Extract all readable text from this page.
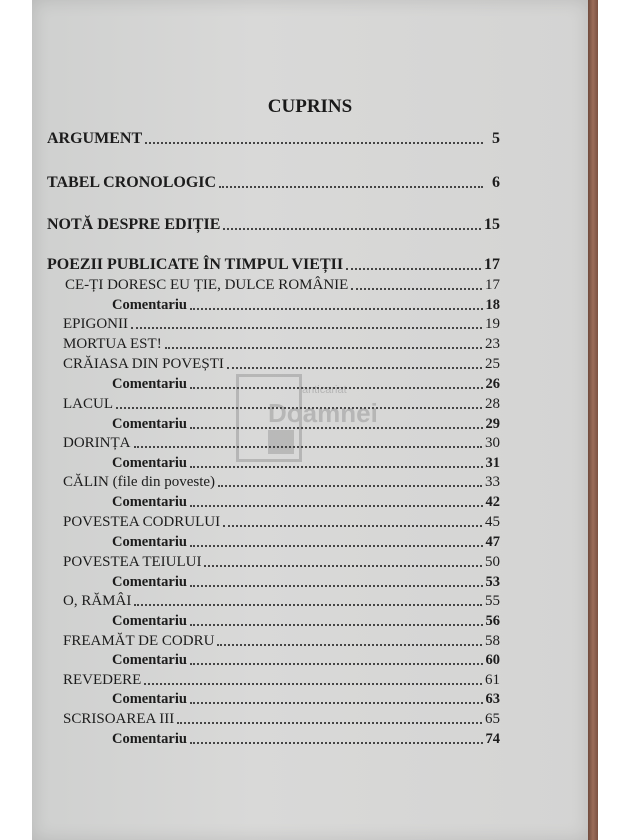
CUPRINS
anticariat
Doamnei
ARGUMENT	5
TABEL CRONOLOGIC	6
NOTĂ DESPRE EDIȚIE	15
POEZII PUBLICATE ÎN TIMPUL VIEȚII	17
CE-ȚI DORESC EU ȚIE, DULCE ROMÂNIE	17
Comentariu	18
EPIGONII	19
MORTUA EST!	23
CRĂIASA DIN POVEȘTI	25
Comentariu	26
LACUL	28
Comentariu	29
DORINȚA	30
Comentariu	31
CĂLIN (file din poveste)	33
Comentariu	42
POVESTEA CODRULUI	45
Comentariu	47
POVESTEA TEIULUI	50
Comentariu	53
O, RĂMÂI	55
Comentariu	56
FREAMĂT DE CODRU	58
Comentariu	60
REVEDERE	61
Comentariu	63
SCRISOAREA III	65
Comentariu	74
